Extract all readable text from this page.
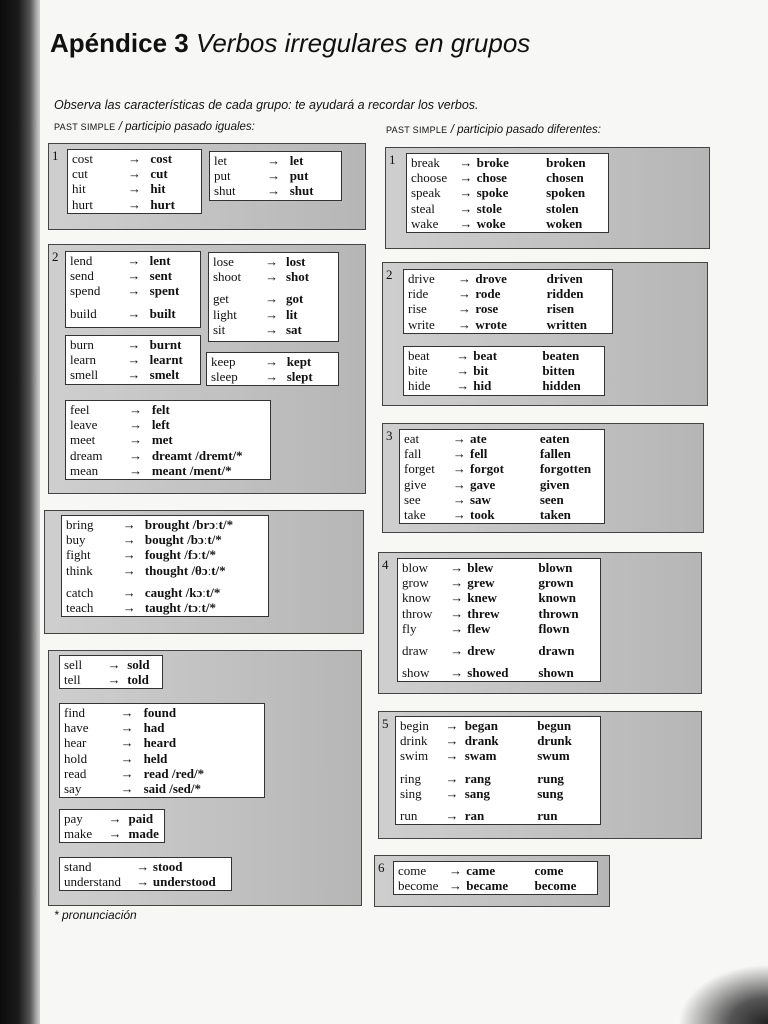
Apéndice 3 Verbos irregulares en grupos
Observa las características de cada grupo: te ayudará a recordar los verbos.
PAST SIMPLE / participio pasado iguales:	PAST SIMPLE / participio pasado diferentes:
1 cost	→ cost
cut	→ cut
hit	→ hit
hurt	→ hurt
let	→ let
put	→ put
shut	→ shut
2 lend	→ lent
send	→ sent
spend	→ spent
build	→ built
lose	→ lost
shoot	→ shot
get	→ got
light	→ lit
sit	→ sat
burn	→ burnt
learn	→ learnt
smell	→ smelt
keep	→ kept
sleep	→ slept
feel	→ felt
leave	→ left
meet	→ met
dream	→ dreamt /dremt/*
mean	→ meant /ment/*
bring	→ brought /brɔːt/*
buy	→ bought /bɔːt/*
fight	→ fought /fɔːt/*
think	→ thought /θɔːt/*
catch	→ caught /kɔːt/*
teach	→ taught /tɔːt/*
sell	→ sold
tell	→ told
find	→ found
have	→ had
hear	→ heard
hold	→ held
read	→ read /red/*
say	→ said /sed/*
pay	→ paid
make	→ made
stand	→ stood
understand	→ understood
1 break	→ broke	broken
choose → chose	chosen
speak	→ spoke	spoken
steal	→ stole	stolen
wake	→ woke	woken
2 drive	→ drove	driven
ride	→ rode	ridden
rise	→ rose	risen
write	→ wrote	written
beat	→ beat	beaten
bite	→ bit	bitten
hide	→ hid	hidden
3 eat	→ ate	eaten
fall	→ fell	fallen
forget	→ forgot	forgotten
give	→ gave	given
see	→ saw	seen
take	→ took	taken
4 blow	→ blew	blown
grow	→ grew	grown
know	→ knew	known
throw	→ threw	thrown
fly	→ flew	flown
draw	→ drew	drawn
show	→ showed	shown
5 begin	→ began	begun
drink	→ drank	drunk
swim	→ swam	swum
ring	→ rang	rung
sing	→ sang	sung
run	→ ran	run
6 come	→ came	come
become → became	become
* pronunciación
